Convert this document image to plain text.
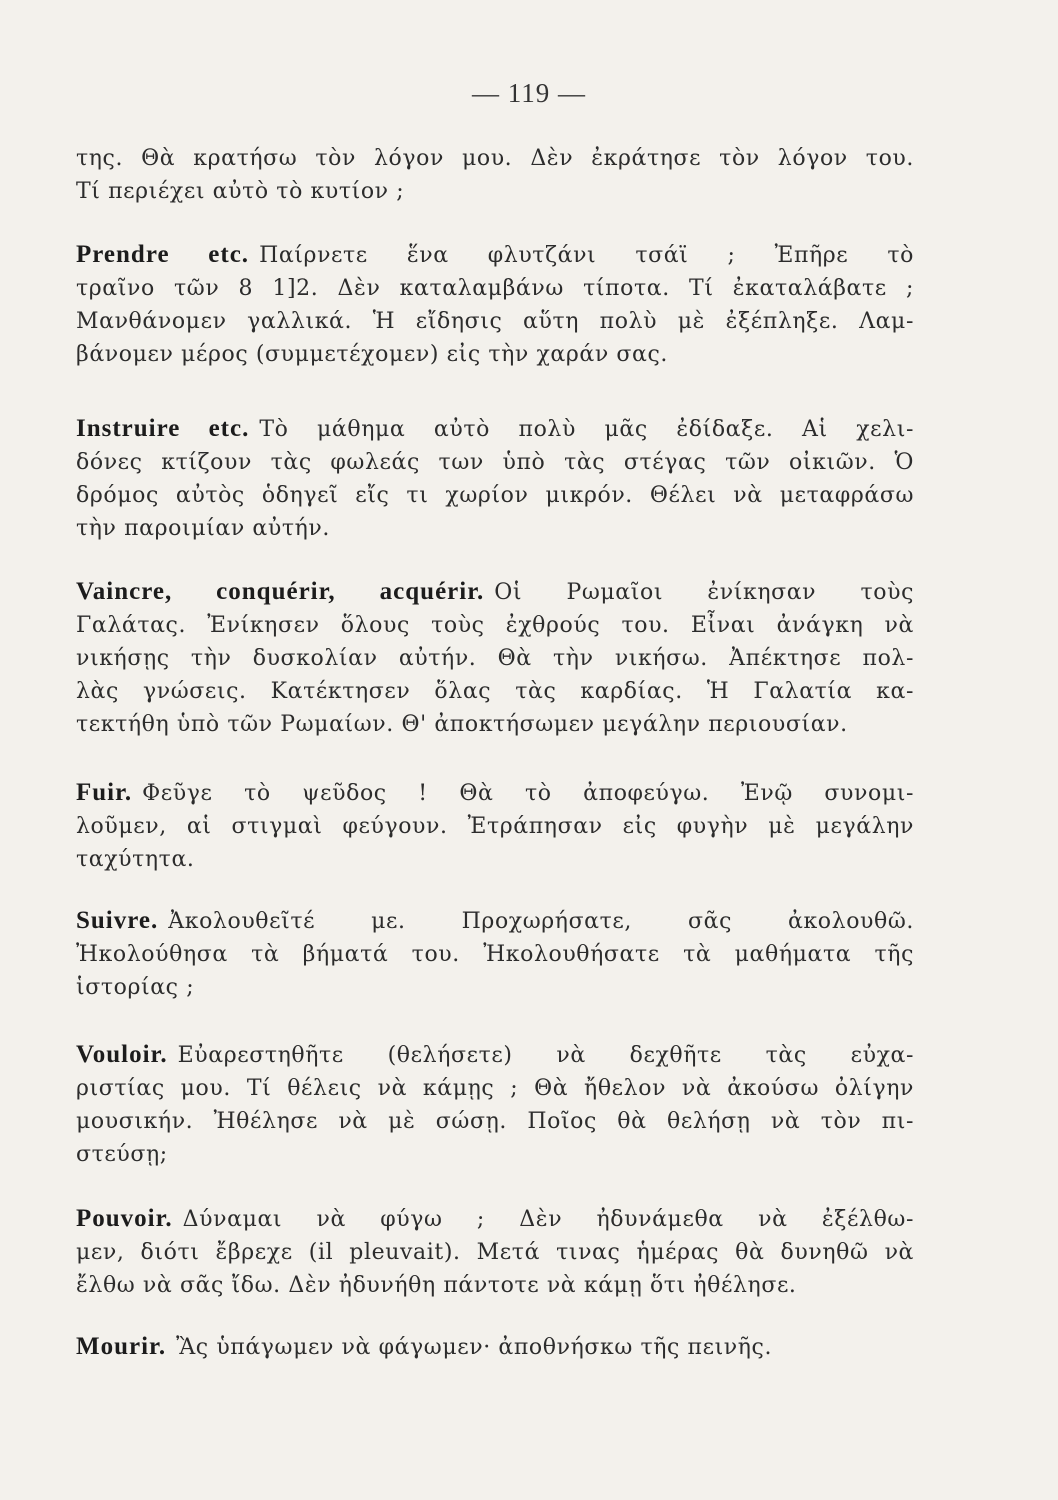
— 119 —
της. Θὰ κρατήσω τὸν λόγον μου. Δὲν ἐκράτησε τὸν λόγον του.
Τί περιέχει αὐτὸ τὸ κυτίον ;
Prendre etc. Παίρνετε ἕνα φλυτζάνι τσάϊ ; Ἐπῆρε τὸ
τραῖνο τῶν 8 1]2. Δὲν καταλαμβάνω τίποτα. Τί ἐκαταλάβατε ;
Μανθάνομεν γαλλικά. Ἡ εἴδησις αὕτη πολὺ μὲ ἐξέπληξε. Λαμ-
βάνομεν μέρος (συμμετέχομεν) εἰς τὴν χαράν σας.
Instruire etc. Τὸ μάθημα αὐτὸ πολὺ μᾶς ἐδίδαξε. Αἱ χελι-
δόνες κτίζουν τὰς φωλεάς των ὑπὸ τὰς στέγας τῶν οἰκιῶν. Ὁ
δρόμος αὐτὸς ὁδηγεῖ εἴς τι χωρίον μικρόν. Θέλει νὰ μεταφράσω
τὴν παροιμίαν αὐτήν.
Vaincre, conquérir, acquérir. Οἱ Ρωμαῖοι ἐνίκησαν τοὺς
Γαλάτας. Ἐνίκησεν ὅλους τοὺς ἐχθρούς του. Εἶναι ἀνάγκη νὰ
νικήσῃς τὴν δυσκολίαν αὐτήν. Θὰ τὴν νικήσω. Ἀπέκτησε πολ-
λὰς γνώσεις. Κατέκτησεν ὅλας τὰς καρδίας. Ἡ Γαλατία κα-
τεκτήθη ὑπὸ τῶν Ρωμαίων. Θ' ἀποκτήσωμεν μεγάλην περιουσίαν.
Fuir. Φεῦγε τὸ ψεῦδος ! Θὰ τὸ ἀποφεύγω. Ἐνῷ συνομι-
λοῦμεν, αἱ στιγμαὶ φεύγουν. Ἐτράπησαν εἰς φυγὴν μὲ μεγάλην
ταχύτητα.
Suivre. Ἀκολουθεῖτέ με. Προχωρήσατε, σᾶς ἀκολουθῶ.
Ἠκολούθησα τὰ βήματά του. Ἠκολουθήσατε τὰ μαθήματα τῆς
ἱστορίας ;
Vouloir. Εὐαρεστηθῆτε (θελήσετε) νὰ δεχθῆτε τὰς εὐχα-
ριστίας μου. Τί θέλεις νὰ κάμῃς ; Θὰ ἤθελον νὰ ἀκούσω ὀλίγην
μουσικήν. Ἠθέλησε νὰ μὲ σώσῃ. Ποῖος θὰ θελήσῃ νὰ τὸν πι-
στεύσῃ;
Pouvoir. Δύναμαι νὰ φύγω ; Δὲν ἠδυνάμεθα νὰ ἐξέλθω-
μεν, διότι ἔβρεχε (il pleuvait). Μετά τινας ἡμέρας θὰ δυνηθῶ νὰ
ἔλθω νὰ σᾶς ἴδω. Δὲν ἠδυνήθη πάντοτε νὰ κάμῃ ὅτι ἠθέλησε.
Mourir. Ἂς ὑπάγωμεν νὰ φάγωμεν· ἀποθνήσκω τῆς πεινῆς.
